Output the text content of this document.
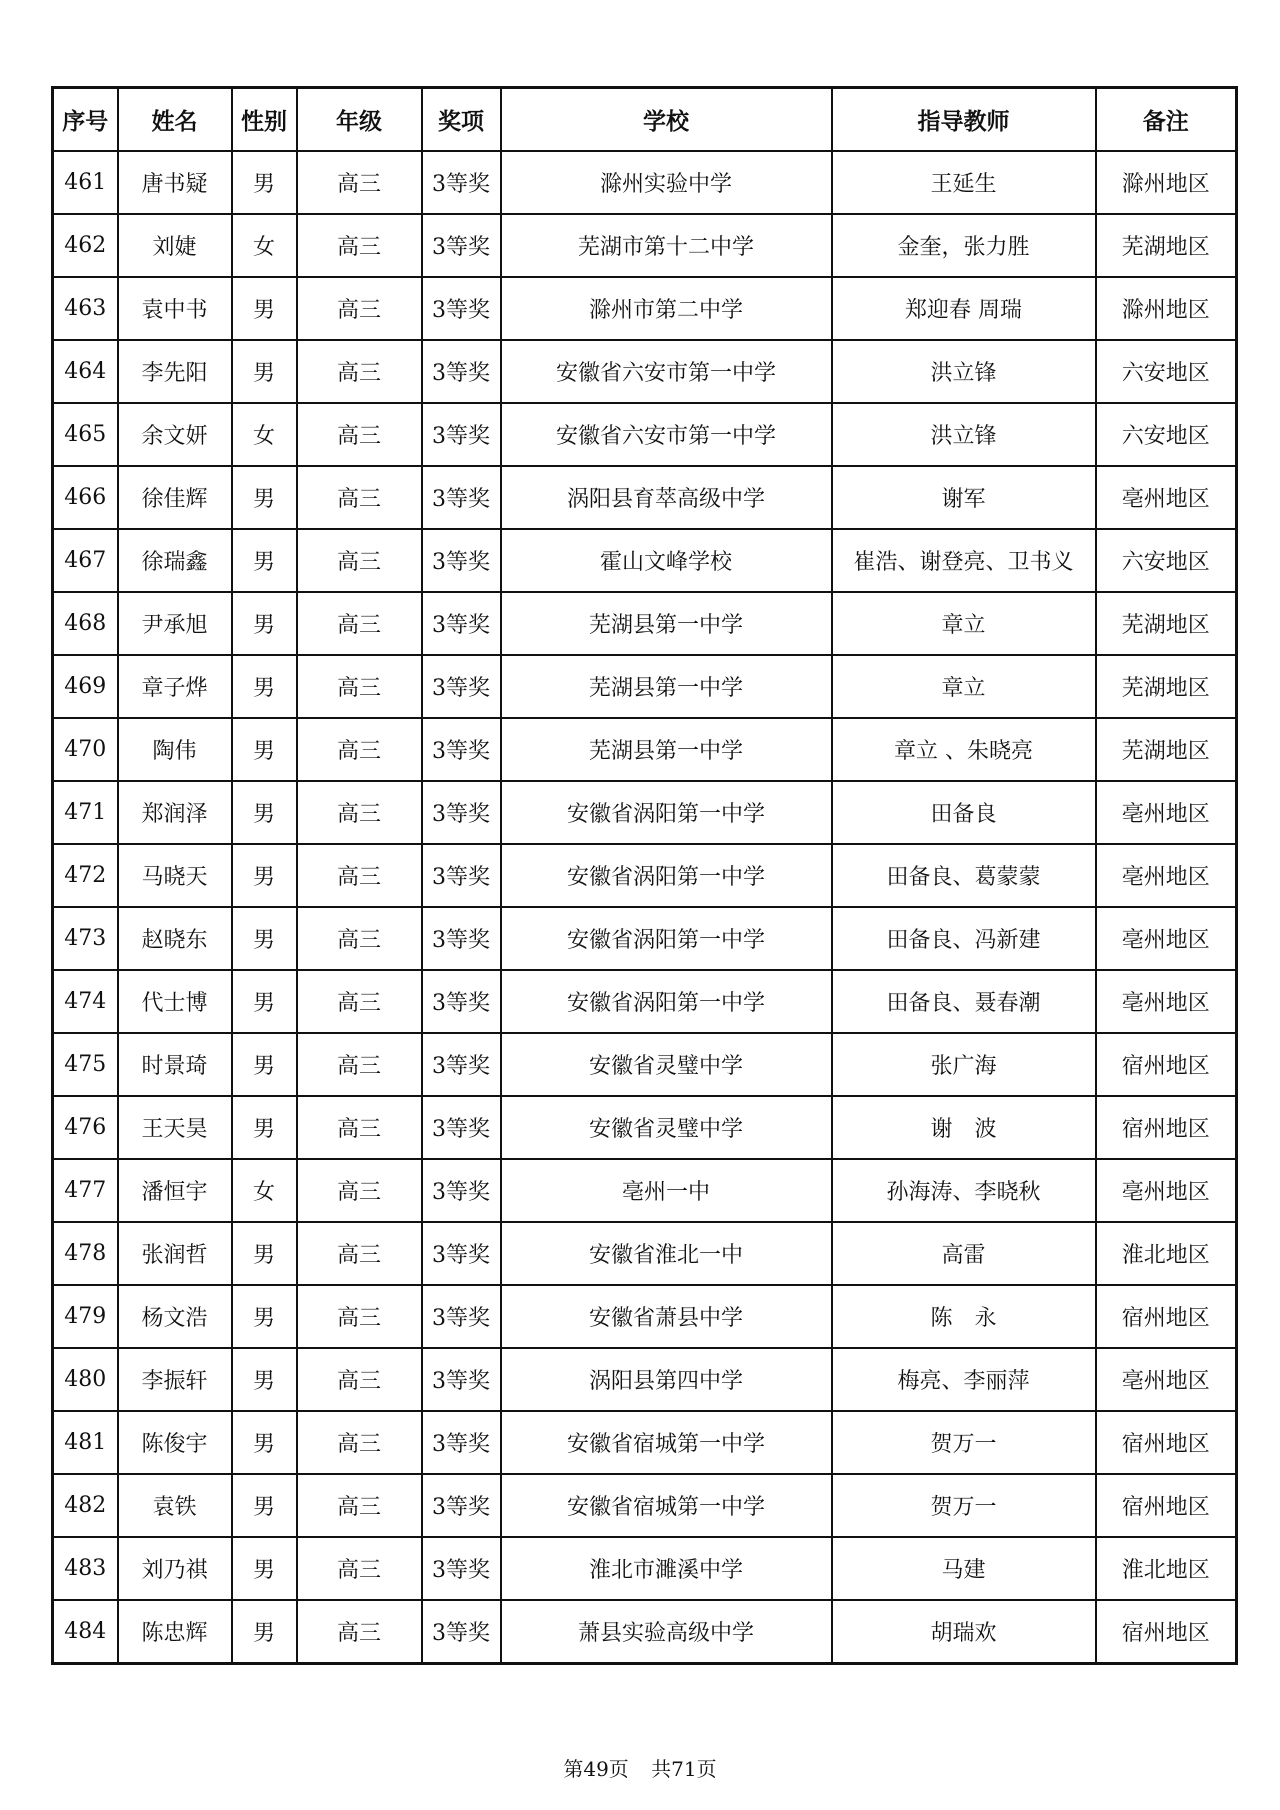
序号	姓名	性别	年级	奖项	学校	指导教师	备注
461	唐书疑	男	高三	3等奖	滁州实验中学	王延生	滁州地区
462	刘婕	女	高三	3等奖	芜湖市第十二中学	金奎，张力胜	芜湖地区
463	袁中书	男	高三	3等奖	滁州市第二中学	郑迎春 周瑞	滁州地区
464	李先阳	男	高三	3等奖	安徽省六安市第一中学	洪立锋	六安地区
465	余文妍	女	高三	3等奖	安徽省六安市第一中学	洪立锋	六安地区
466	徐佳辉	男	高三	3等奖	涡阳县育萃高级中学	谢军	亳州地区
467	徐瑞鑫	男	高三	3等奖	霍山文峰学校	崔浩、谢登亮、卫书义	六安地区
468	尹承旭	男	高三	3等奖	芜湖县第一中学	章立	芜湖地区
469	章子烨	男	高三	3等奖	芜湖县第一中学	章立	芜湖地区
470	陶伟	男	高三	3等奖	芜湖县第一中学	章立 、朱晓亮	芜湖地区
471	郑润泽	男	高三	3等奖	安徽省涡阳第一中学	田备良	亳州地区
472	马晓天	男	高三	3等奖	安徽省涡阳第一中学	田备良、葛蒙蒙	亳州地区
473	赵晓东	男	高三	3等奖	安徽省涡阳第一中学	田备良、冯新建	亳州地区
474	代士博	男	高三	3等奖	安徽省涡阳第一中学	田备良、聂春潮	亳州地区
475	时景琦	男	高三	3等奖	安徽省灵璧中学	张广海	宿州地区
476	王天昊	男	高三	3等奖	安徽省灵璧中学	谢　波	宿州地区
477	潘恒宇	女	高三	3等奖	亳州一中	孙海涛、李晓秋	亳州地区
478	张润哲	男	高三	3等奖	安徽省淮北一中	高雷	淮北地区
479	杨文浩	男	高三	3等奖	安徽省萧县中学	陈　永	宿州地区
480	李振轩	男	高三	3等奖	涡阳县第四中学	梅亮、李丽萍	亳州地区
481	陈俊宇	男	高三	3等奖	安徽省宿城第一中学	贺万一	宿州地区
482	袁铁	男	高三	3等奖	安徽省宿城第一中学	贺万一	宿州地区
483	刘乃祺	男	高三	3等奖	淮北市濉溪中学	马建	淮北地区
484	陈忠辉	男	高三	3等奖	萧县实验高级中学	胡瑞欢	宿州地区
第49页 共71页
